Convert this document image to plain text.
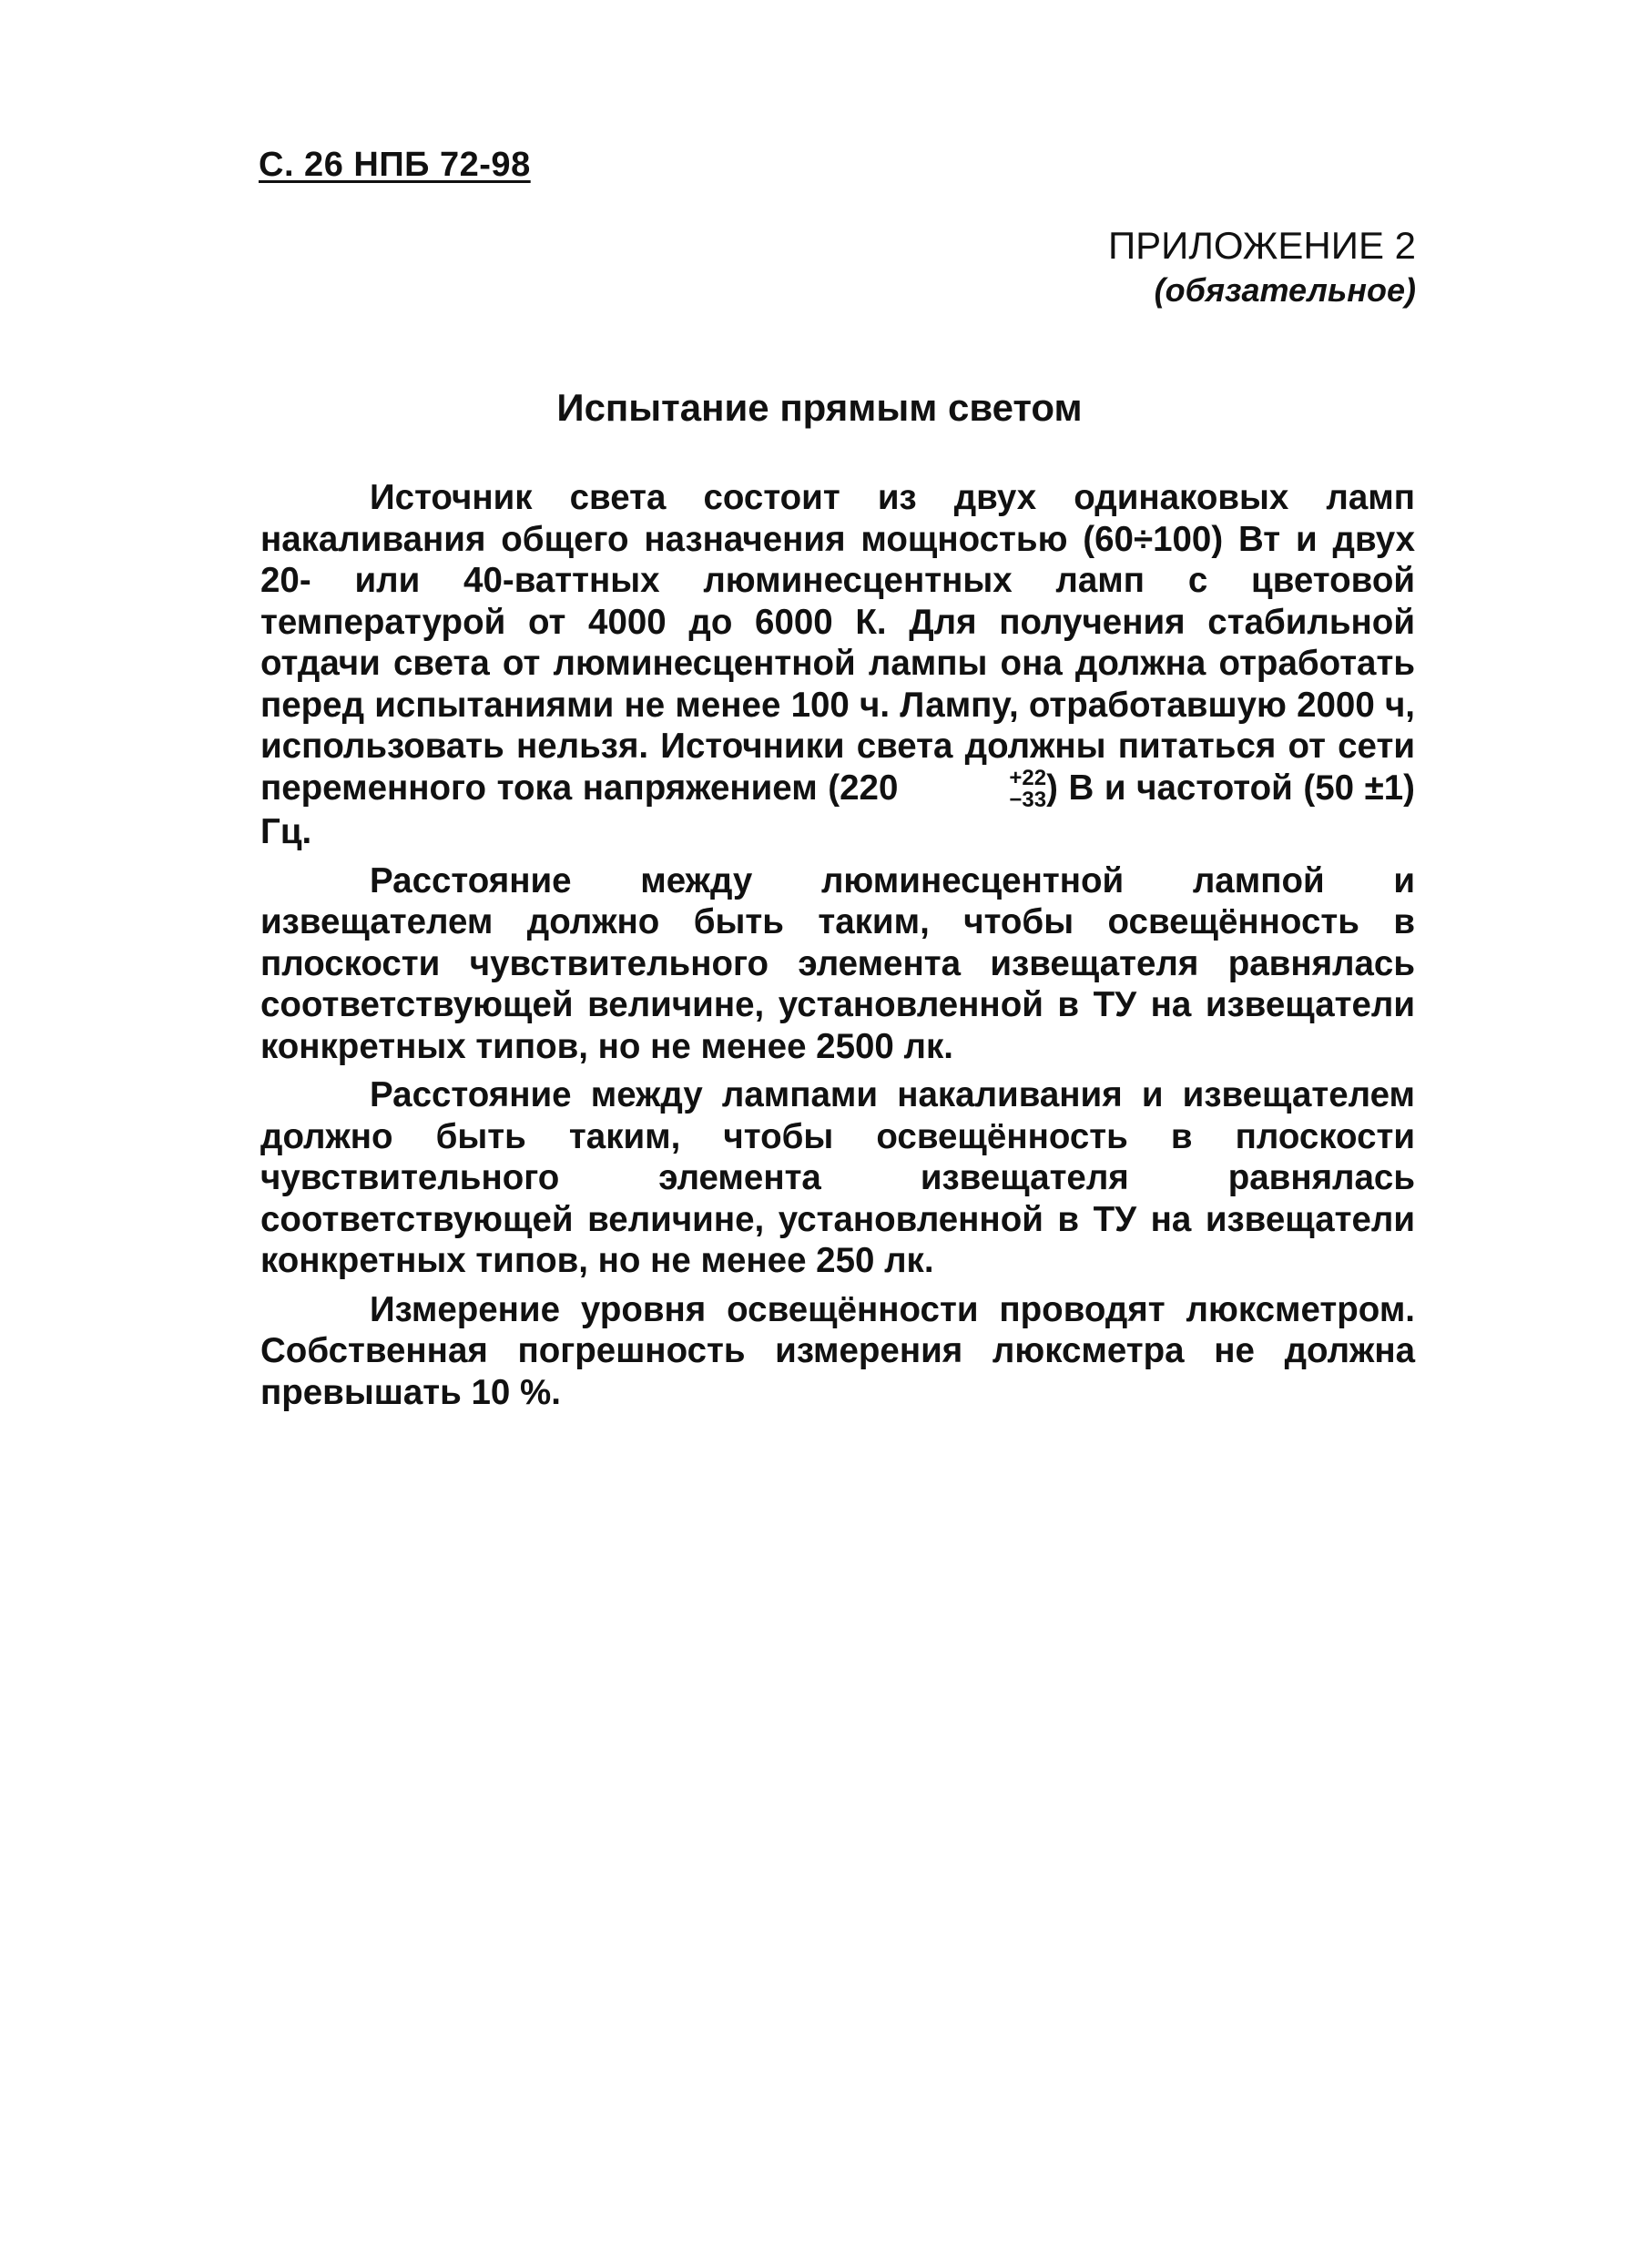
С. 26 НПБ 72-98
ПРИЛОЖЕНИЕ 2
(обязательное)
Испытание прямым светом

Источник света состоит из двух одинаковых ламп накаливания общего назначения мощностью (60÷100) Вт и двух 20- или 40-ваттных люминесцентных ламп с цветовой температурой от 4000 до 6000 К. Для получения стабильной отдачи света от люминесцентной лампы она должна отработать перед испытаниями не менее 100 ч. Лампу, отработавшую 2000 ч, использовать нельзя. Источники света должны питаться от сети переменного тока напряжением (220	+22
−33 ) В и частотой (50 ±1) Гц.

Расстояние между люминесцентной лампой и извещателем должно быть таким, чтобы освещённость в плоскости чувствительного элемента извещателя равнялась соответствующей величине, установленной в ТУ на извещатели конкретных типов, но не менее 2500 лк.

Расстояние между лампами накаливания и извещателем должно быть таким, чтобы освещённость в плоскости чувствительного элемента извещателя равнялась соответствующей величине, установленной в ТУ на извещатели конкретных типов, но не менее 250 лк.

Измерение уровня освещённости проводят люксметром. Собственная погрешность измерения люксметра не должна превышать 10 %.
